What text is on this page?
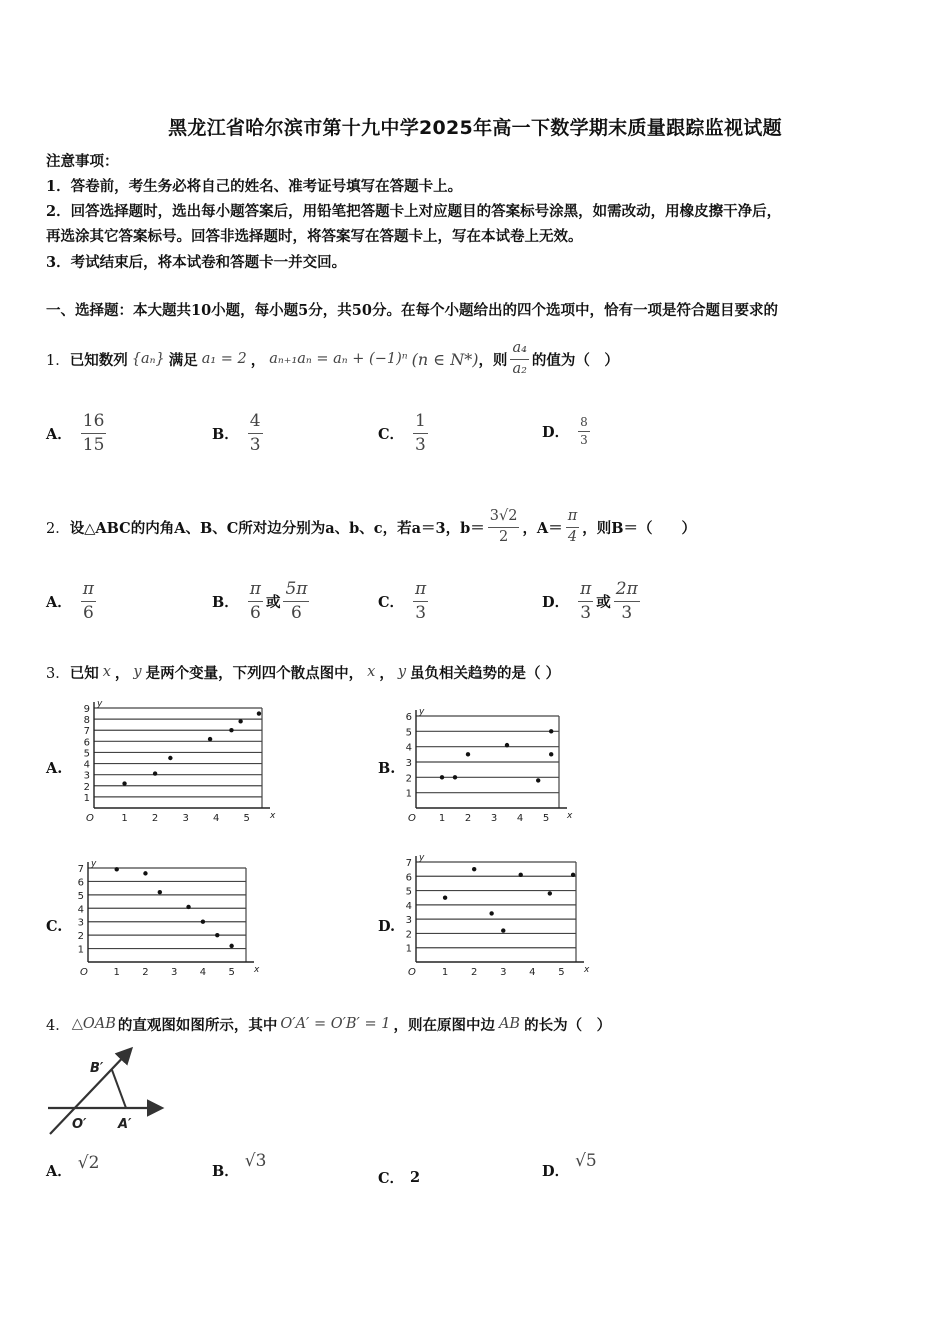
黑龙江省哈尔滨市第十九中学2025年高一下数学期末质量跟踪监视试题
注意事项：
1．答卷前，考生务必将自己的姓名、准考证号填写在答题卡上。
2．回答选择题时，选出每小题答案后，用铅笔把答题卡上对应题目的答案标号涂黑，如需改动，用橡皮擦干净后，
再选涂其它答案标号。回答非选择题时，将答案写在答题卡上，写在本试卷上无效。
3．考试结束后，将本试卷和答题卡一并交回。
一、选择题：本大题共10小题，每小题5分，共50分。在每个小题给出的四个选项中，恰有一项是符合题目要求的
1． 已知数列 {aₙ} 满足 a₁ = 2 ， aₙ₊₁aₙ = aₙ + (−1)ⁿ (n ∈ N*) ，则 $\frac{\text{a₄}}{\text{a₂}}$ 的值为（　）
A． $\frac{16}{15}$	B． $\frac{4}{3}$	C． $\frac{1}{3}$	D． $\frac{8}{3}$
2． 设△ABC的内角A、B、C所对边分别为a、b、c，若a＝3，$b= \frac{3√2}{2}$ ，$A= \frac{\pi}{4}$ ，则B＝（　　）
A． $\frac{\pi}{6}$	B． $\frac{\pi}{6}$ 或 $\frac{5\pi}{6}$	C． $\frac{\pi}{3}$	D． $\frac{\pi}{3}$ 或 $\frac{2\pi}{3}$
3． 已知 x ， y 是两个变量，下列四个散点图中， x ， y 虽负相关趋势的是（ ）
A.	B.
C.	D.
1
2
3
4
5
6
7
8
9
1 2 3 4 5
O	x
y
1
2
3
4
5
6
1 2 3 4 5
O	x
y
1
2
3
4
5
6
7
1 2 3 4 5
O	x
y
1
2
3
4
5
6
7
1 2 3 4 5
O	x
y
4． △OAB 的直观图如图所示，其中 O′A′ = O′B′ = 1 ，则在原图中边 AB 的长为（　）
B′
O′ A′
A． √2	B．
√3
C． 2	D．
√5
